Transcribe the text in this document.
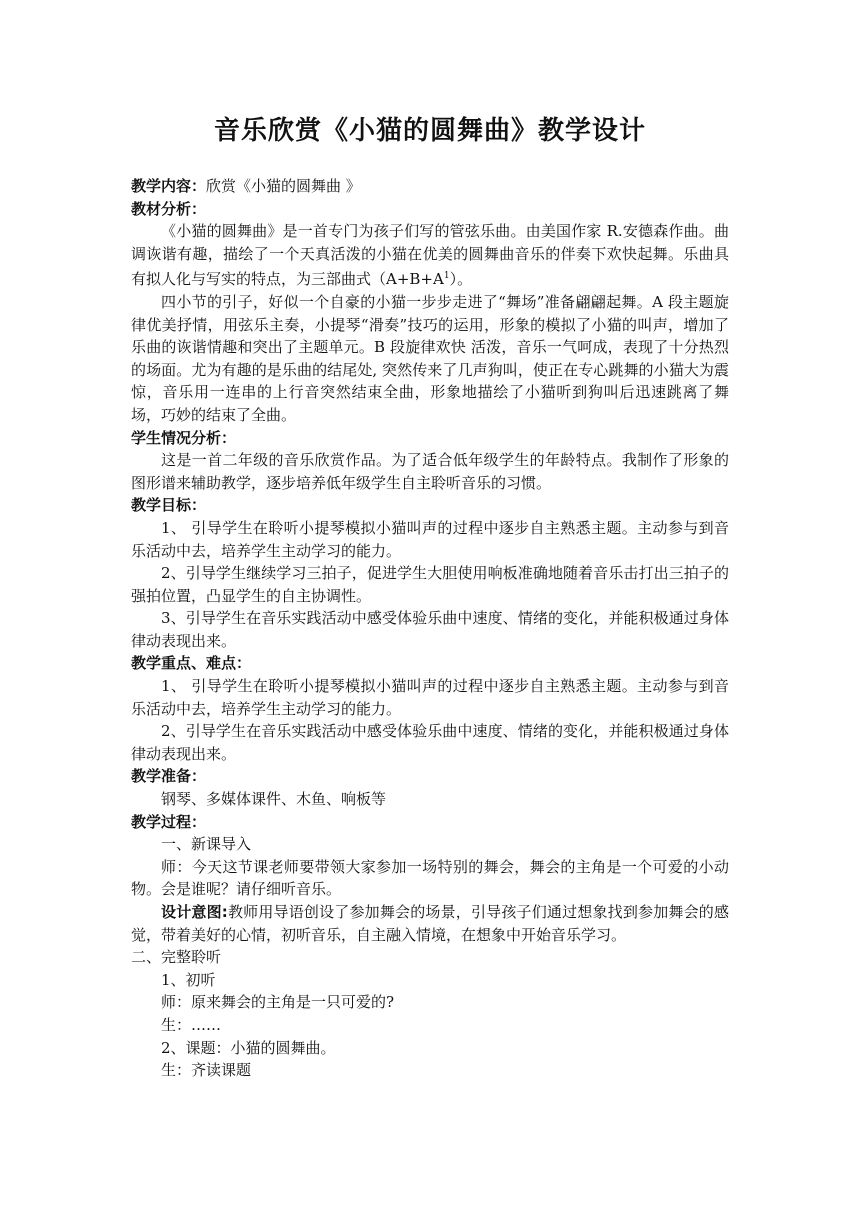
音乐欣赏《小猫的圆舞曲》教学设计
教学内容：欣赏《小猫的圆舞曲 》
教材分析：

《小猫的圆舞曲》是一首专门为孩子们写的管弦乐曲。由美国作家 R.安德森作曲。曲调诙谐有趣，描绘了一个天真活泼的小猫在优美的圆舞曲音乐的伴奏下欢快起舞。乐曲具有拟人化与写实的特点，为三部曲式$(A+B+A^1)$。

四小节的引子，好似一个自豪的小猫一步步走进了“舞场”准备翩翩起舞。A 段主题旋律优美抒情，用弦乐主奏，小提琴“滑奏”技巧的运用，形象的模拟了小猫的叫声，增加了乐曲的诙谐情趣和突出了主题单元。B 段旋律欢快 活泼，音乐一气呵成，表现了十分热烈的场面。尤为有趣的是乐曲的结尾处, 突然传来了几声狗叫，使正在专心跳舞的小猫大为震惊，音乐用一连串的上行音突然结束全曲，形象地描绘了小猫听到狗叫后迅速跳离了舞场，巧妙的结束了全曲。

学生情况分析：

这是一首二年级的音乐欣赏作品。为了适合低年级学生的年龄特点。我制作了形象的图形谱来辅助教学，逐步培养低年级学生自主聆听音乐的习惯。

教学目标：

1、 引导学生在聆听小提琴模拟小猫叫声的过程中逐步自主熟悉主题。主动参与到音乐活动中去，培养学生主动学习的能力。

2、引导学生继续学习三拍子，促进学生大胆使用响板准确地随着音乐击打出三拍子的强拍位置，凸显学生的自主协调性。

3、引导学生在音乐实践活动中感受体验乐曲中速度、情绪的变化，并能积极通过身体律动表现出来。

教学重点、难点：

1、 引导学生在聆听小提琴模拟小猫叫声的过程中逐步自主熟悉主题。主动参与到音乐活动中去，培养学生主动学习的能力。

2、引导学生在音乐实践活动中感受体验乐曲中速度、情绪的变化，并能积极通过身体律动表现出来。

教学准备：
钢琴、多媒体课件、木鱼、响板等
教学过程：
一、新课导入

师：今天这节课老师要带领大家参加一场特别的舞会，舞会的主角是一个可爱的小动物。会是谁呢？请仔细听音乐。

设计意图:教师用导语创设了参加舞会的场景，引导孩子们通过想象找到参加舞会的感觉，带着美好的心情，初听音乐，自主融入情境，在想象中开始音乐学习。

二、完整聆听
1、初听
师：原来舞会的主角是一只可爱的?
生：……
2、课题：小猫的圆舞曲。
生：齐读课题
